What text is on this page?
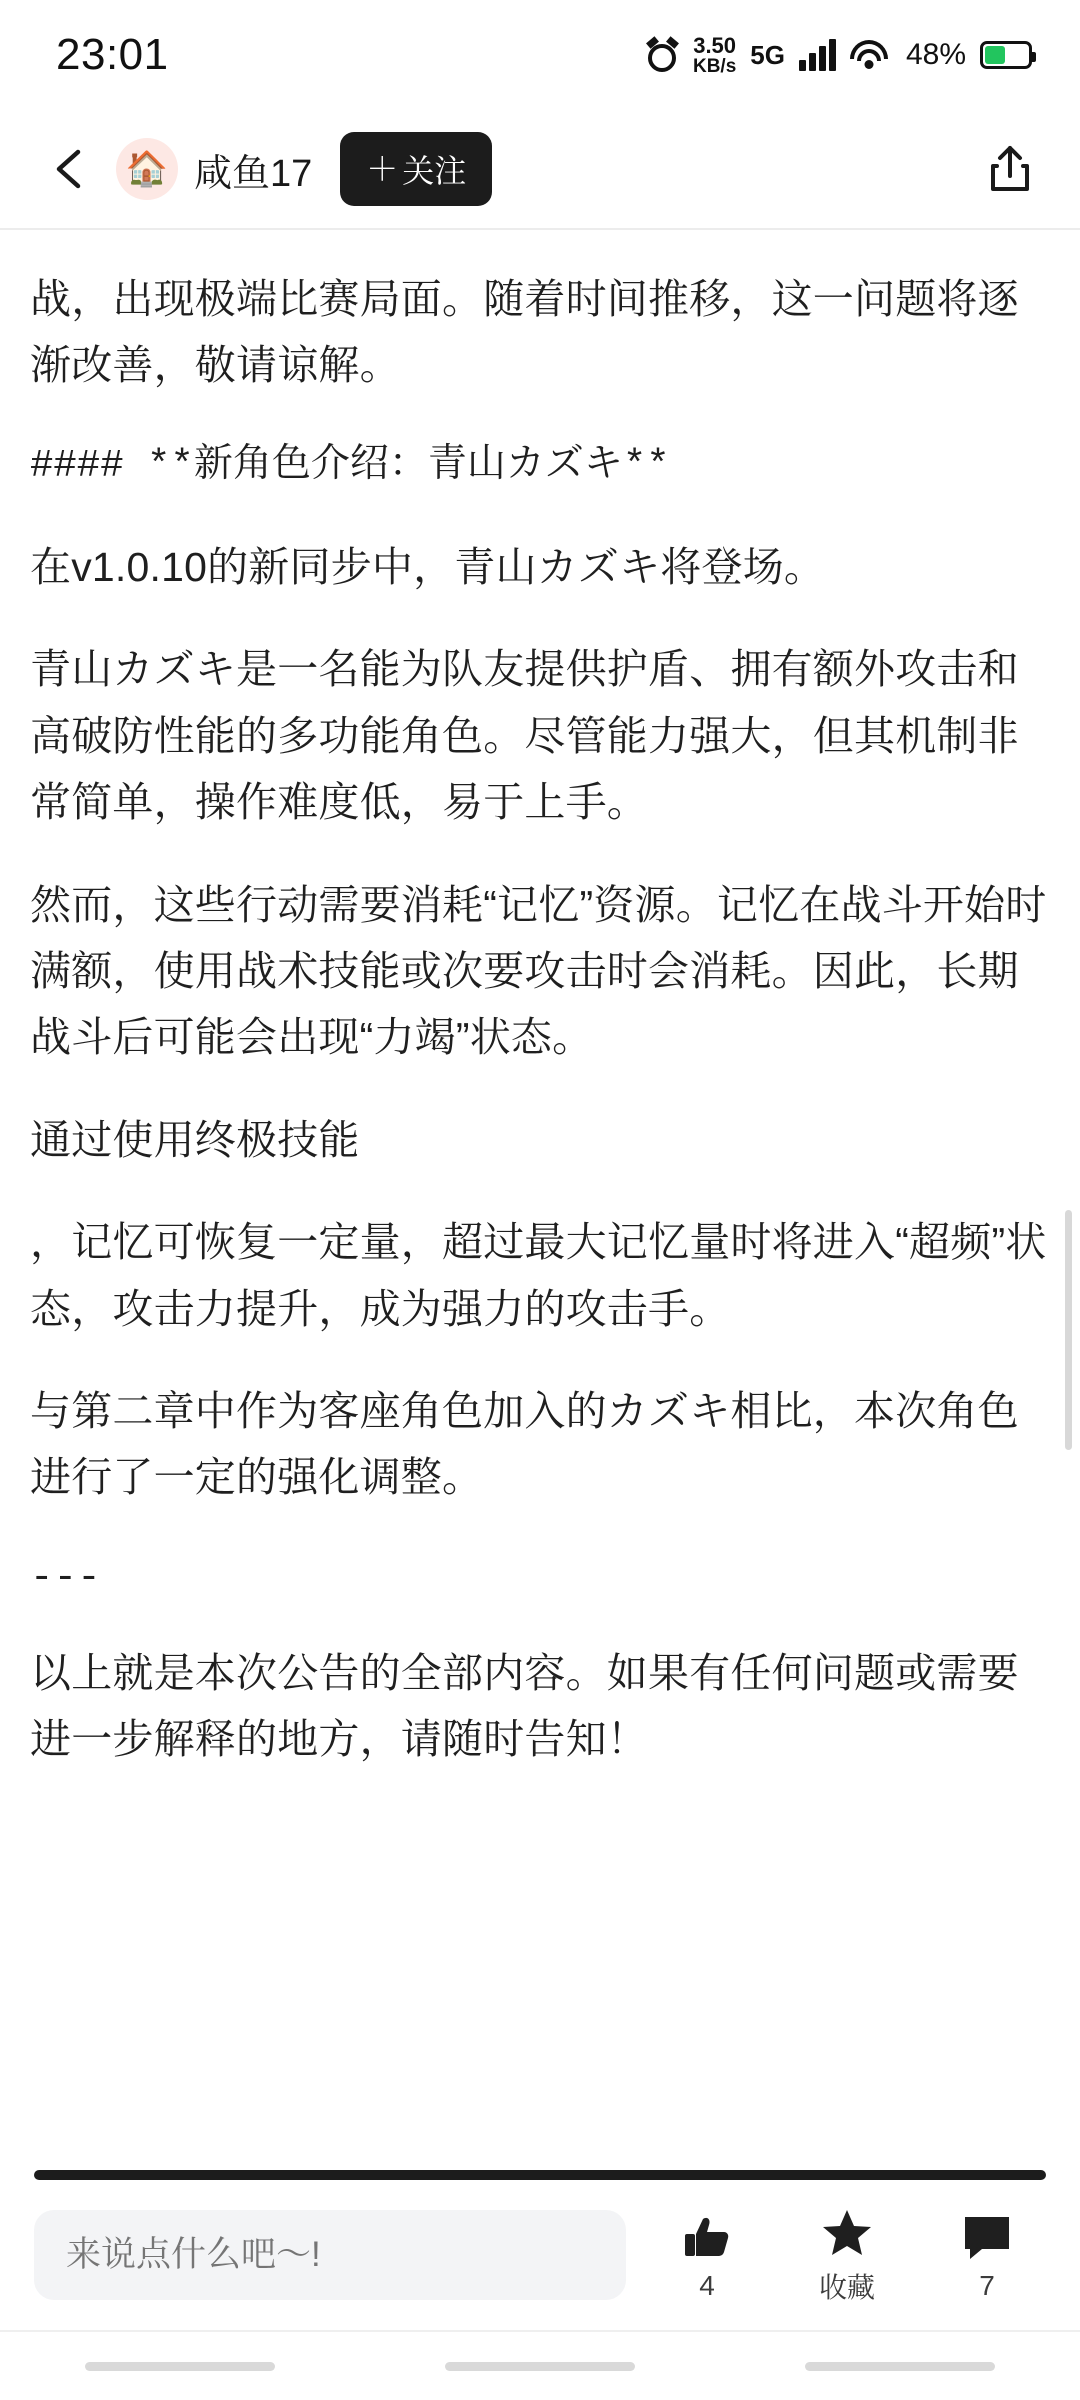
23:01	3.50
KB/s 5G	48%
🏠 咸鱼17 ＋ 关注

战，出现极端比赛局面。随着时间推移，这一问题将逐渐改善，敬请谅解。

#### **新角色介绍：青山カズキ**

在v1.0.10的新同步中，青山カズキ将登场。

青山カズキ是一名能为队友提供护盾、拥有额外攻击和高破防性能的多功能角色。尽管能力强大，但其机制非常简单，操作难度低，易于上手。

然而，这些行动需要消耗“记忆”资源。记忆在战斗开始时满额，使用战术技能或次要攻击时会消耗。因此，长期战斗后可能会出现“力竭”状态。

通过使用终极技能

，记忆可恢复一定量，超过最大记忆量时将进入“超频”状态，攻击力提升，成为强力的攻击手。

与第二章中作为客座角色加入的カズキ相比，本次角色进行了一定的强化调整。

---

以上就是本次公告的全部内容。如果有任何问题或需要进一步解释的地方，请随时告知！

来说点什么吧～!
4	收藏	7
